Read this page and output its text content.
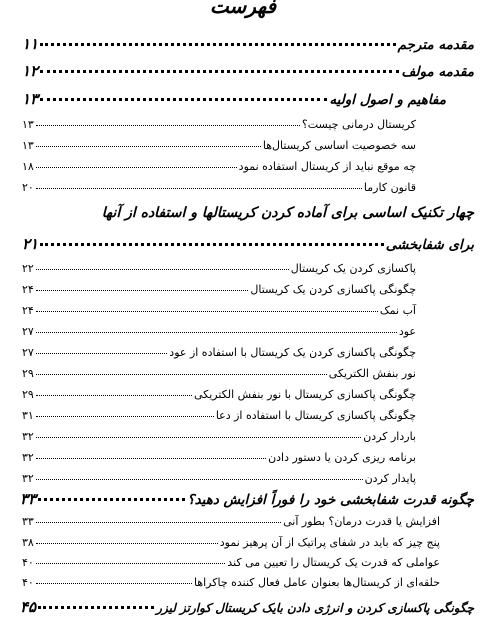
فهرست
مقدمه مترجم
۱۱
مقدمه مولف
۱۲
مفاهیم و اصول اولیه
۱۳
کریستال درمانی چیست؟
۱۳
سه خصوصیت اساسی کریستال‌ها
۱۳
چه موقع نباید از کریستال استفاده نمود
۱۸
قانون کارما
۲۰
چهار تکنیک اساسی برای آماده کردن کریستالها و استفاده از آنها
برای شفابخشی
۲۱
پاکسازی کردن یک کریستال
۲۲
چگونگی پاکسازی کردن یک کریستال
۲۴
آب نمک
۲۴
عود
۲۷
چگونگی پاکسازی کردن یک کریستال با استفاده از عود
۲۷
نور بنفش الکتریکی
۲۹
چگونگی پاکسازی کریستال با نور بنفش الکتریکی
۲۹
چگونگی پاکسازی کریستال با استفاده از دعا
۳۱
باردار کردن
۳۲
برنامه ریزی کردن یا دستور دادن
۳۲
پایدار کردن
۳۲
چگونه قدرت شفابخشی خود را فوراً افزایش دهید؟
۳۳
افزایش یا قدرت درمان؟ بطور آنی
۳۳
پنج چیز که باید در شفای پراتیک از آن پرهیز نمود
۳۸
عواملی که قدرت یک کریستال را تعیین می کند
۴۰
حلقه‌ای از کریستال‌ها بعنوان عامل فعال کننده چاکراها
۴۰
چگونگی پاکسازی کردن و انرژی دادن بایک کریستال کوارتز لیزر
۴۵
